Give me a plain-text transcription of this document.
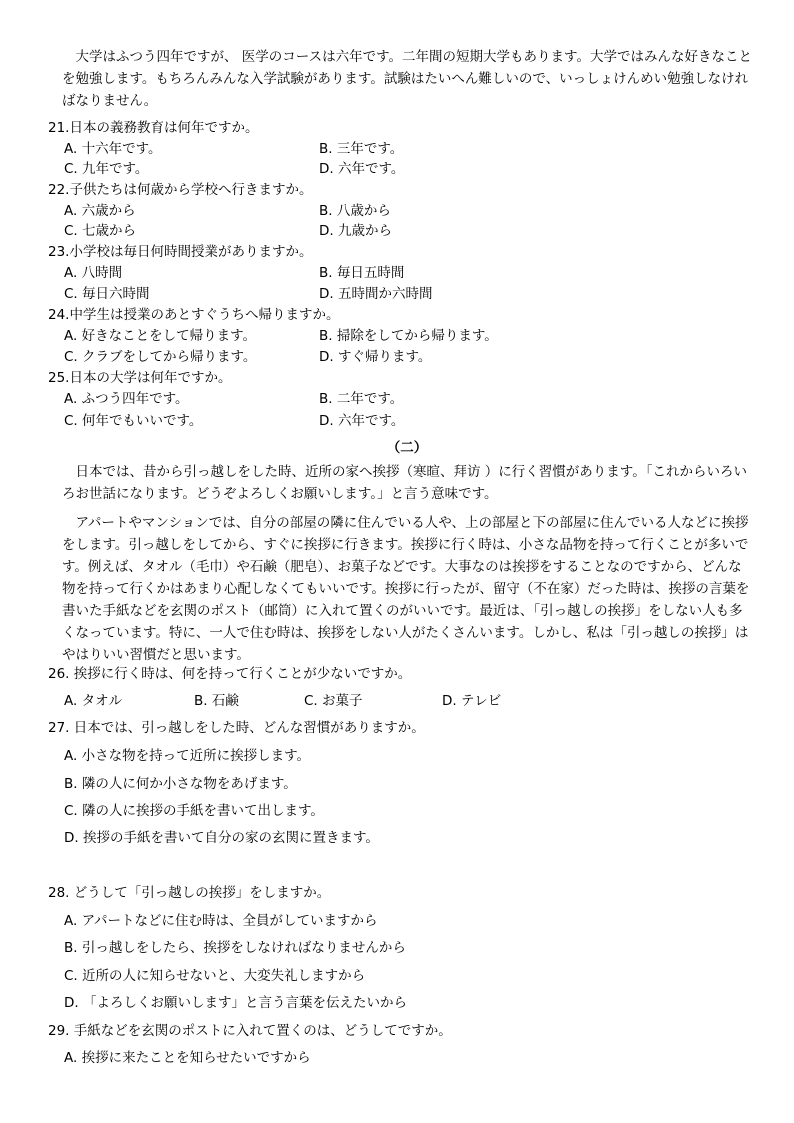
大学はふつう四年ですが、 医学のコースは六年です。二年間の短期大学もあります。大学ではみんな好きなことを勉強します。もちろんみんな入学試験があります。試験はたいへん難しいので、いっしょけんめい勉強しなければなりません。
21.日本の義務教育は何年ですか。
A. 十六年です。	B. 三年です。
C. 九年です。	D. 六年です。
22.子供たちは何歳から学校へ行きますか。
A. 六歳から	B. 八歳から
C. 七歳から	D. 九歳から
23.小学校は毎日何時間授業がありますか。
A. 八時間	B. 毎日五時間
C. 毎日六時間	D. 五時間か六時間
24.中学生は授業のあとすぐうちへ帰りますか。
A. 好きなことをして帰ります。	B. 掃除をしてから帰ります。
C. クラブをしてから帰ります。	D. すぐ帰ります。
25.日本の大学は何年ですか。
A. ふつう四年です。	B. 二年です。
C. 何年でもいいです。	D. 六年です。
（二）
日本では、昔から引っ越しをした時、近所の家へ挨拶（寒暄、拜访 ）に行く習慣があります。「これからいろいろお世話になります。どうぞよろしくお願いします。」と言う意味です。
アパートやマンションでは、自分の部屋の隣に住んでいる人や、上の部屋と下の部屋に住んでいる人などに挨拶をします。引っ越しをしてから、すぐに挨拶に行きます。挨拶に行く時は、小さな品物を持って行くことが多いです。例えば、タオル（毛巾）や石鹸（肥皂）、お菓子などです。大事なのは挨拶をすることなのですから、どんな物を持って行くかはあまり心配しなくてもいいです。挨拶に行ったが、留守（不在家）だった時は、挨拶の言葉を書いた手紙などを玄関のポスト（邮筒）に入れて置くのがいいです。最近は、「引っ越しの挨拶」をしない人も多くなっています。特に、一人で住む時は、挨拶をしない人がたくさんいます。しかし、私は「引っ越しの挨拶」はやはりいい習慣だと思います。
26. 挨拶に行く時は、何を持って行くことが少ないですか。
A. タオル	B. 石鹸	C. お菓子	D. テレビ
27. 日本では、引っ越しをした時、どんな習慣がありますか。
A. 小さな物を持って近所に挨拶します。
B. 隣の人に何か小さな物をあげます。
C. 隣の人に挨拶の手紙を書いて出します。
D. 挨拶の手紙を書いて自分の家の玄関に置きます。
28. どうして「引っ越しの挨拶」をしますか。
A. アパートなどに住む時は、全員がしていますから
B. 引っ越しをしたら、挨拶をしなければなりませんから
C. 近所の人に知らせないと、大変失礼しますから
D. 「よろしくお願いします」と言う言葉を伝えたいから
29. 手紙などを玄関のポストに入れて置くのは、どうしてですか。
A. 挨拶に来たことを知らせたいですから
